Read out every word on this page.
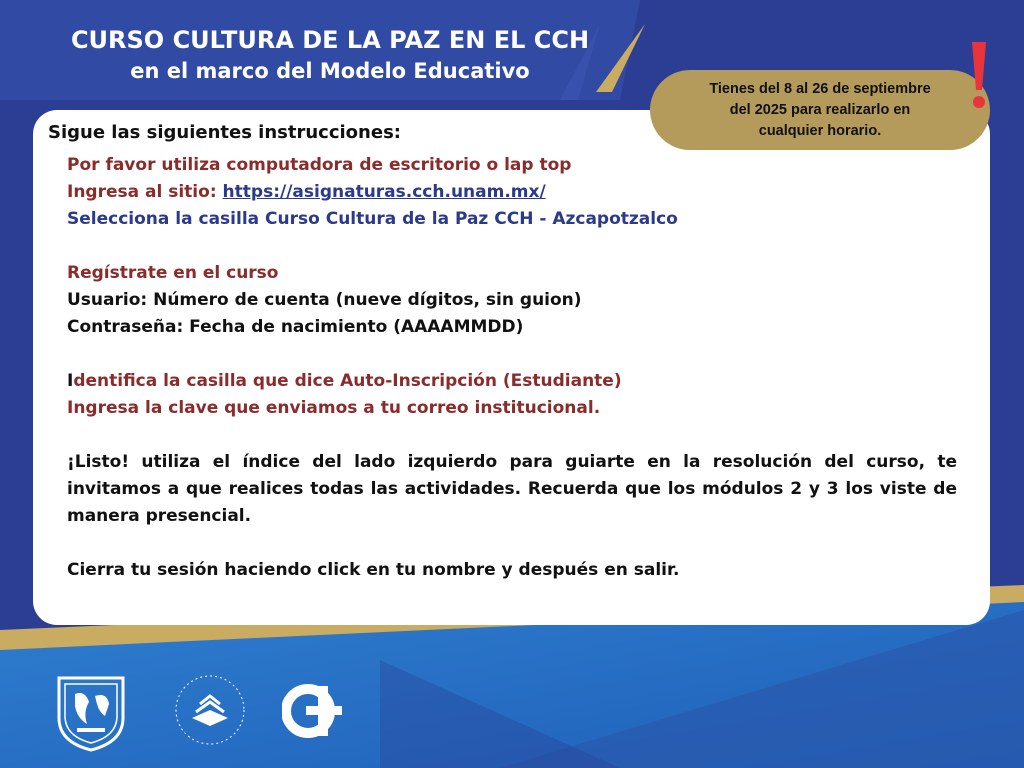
CURSO CULTURA DE LA PAZ EN EL CCH
en el marco del Modelo Educativo
Tienes del 8 al 26 de septiembre
del 2025 para realizarlo en
cualquier horario.
Sigue las siguientes instrucciones:

Por favor utiliza computadora de escritorio o lap top

Ingresa al sitio: https://asignaturas.cch.unam.mx/

Selecciona la casilla Curso Cultura de la Paz CCH - Azcapotzalco

Regístrate en el curso

Usuario: Número de cuenta (nueve dígitos, sin guion)

Contraseña: Fecha de nacimiento (AAAAMMDD)

Identifica la casilla que dice Auto-Inscripción (Estudiante)

Ingresa la clave que enviamos a tu correo institucional.

¡Listo! utiliza el índice del lado izquierdo para guiarte en la resolución del curso, te invitamos a que realices todas las actividades. Recuerda que los módulos 2 y 3 los viste de manera presencial.

Cierra tu sesión haciendo click en tu nombre y después en salir.
